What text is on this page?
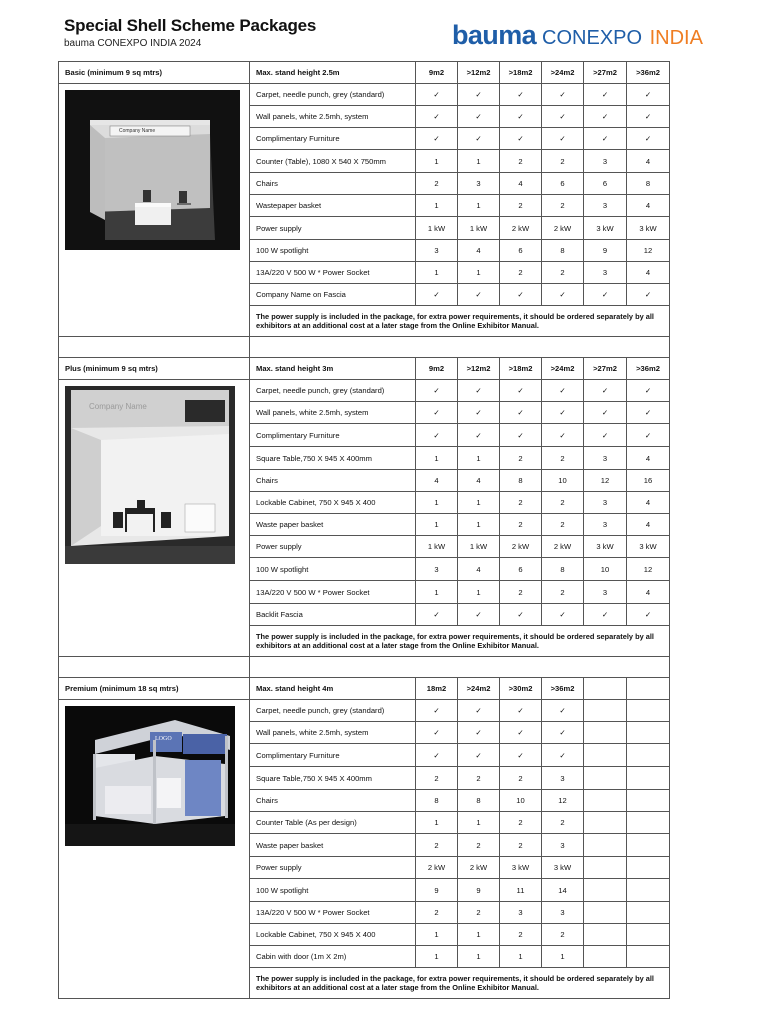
Special Shell Scheme Packages
bauma CONEXPO INDIA 2024	bauma CONEXPO INDIA
Basic (minimum 9 sq mtrs)	Max. stand height 2.5m	9m2	>12m2	>18m2	>24m2	>27m2	>36m2

Company Name	Carpet, needle punch, grey (standard)	✓	✓	✓	✓	✓	✓
	Wall panels, white 2.5mh, system	✓	✓	✓	✓	✓	✓
	Complimentary Furniture	✓	✓	✓	✓	✓	✓
	Counter (Table), 1080 X 540 X 750mm	1	1	2	2	3	4
	Chairs	2	3	4	6	6	8
	Wastepaper basket	1	1	2	2	3	4
	Power supply	1 kW	1 kW	2 kW	2 kW	3 kW	3 kW
	100 W spotlight	3	4	6	8	9	12
	13A/220 V 500 W * Power Socket	1	1	2	2	3	4
	Company Name on Fascia	✓	✓	✓	✓	✓	✓
	The power supply is included in the package, for extra power requirements, it should be ordered separately by all exhibitors at an additional cost at a later stage from the Online Exhibitor Manual.						

Plus (minimum 9 sq mtrs)	Max. stand height 3m	9m2	>12m2	>18m2	>24m2	>27m2	>36m2

Company Name	Carpet, needle punch, grey (standard)	✓	✓	✓	✓	✓	✓
	Wall panels, white 2.5mh, system	✓	✓	✓	✓	✓	✓
	Complimentary Furniture	✓	✓	✓	✓	✓	✓
	Square Table,750 X 945 X 400mm	1	1	2	2	3	4
	Chairs	4	4	8	10	12	16
	Lockable Cabinet, 750 X 945 X 400	1	1	2	2	3	4
	Waste paper basket	1	1	2	2	3	4
	Power supply	1 kW	1 kW	2 kW	2 kW	3 kW	3 kW
	100 W spotlight	3	4	6	8	10	12
	13A/220 V 500 W * Power Socket	1	1	2	2	3	4
	Backlit Fascia	✓	✓	✓	✓	✓	✓
	The power supply is included in the package, for extra power requirements, it should be ordered separately by all exhibitors at an additional cost at a later stage from the Online Exhibitor Manual.						

Premium (minimum 18 sq mtrs)	Max. stand height 4m	18m2	>24m2	>30m2	>36m2		

LOGO	Carpet, needle punch, grey (standard)	✓	✓	✓	✓		
	Wall panels, white 2.5mh, system	✓	✓	✓	✓		
	Complimentary Furniture	✓	✓	✓	✓		
	Square Table,750 X 945 X 400mm	2	2	2	3		
	Chairs	8	8	10	12		
	Counter Table (As per design)	1	1	2	2		
	Waste paper basket	2	2	2	3		
	Power supply	2 kW	2 kW	3 kW	3 kW		
	100 W spotlight	9	9	11	14		
	13A/220 V 500 W * Power Socket	2	2	3	3		
	Lockable Cabinet, 750 X 945 X 400	1	1	2	2		
	Cabin with door (1m X 2m)	1	1	1	1		
	The power supply is included in the package, for extra power requirements, it should be ordered separately by all exhibitors at an additional cost at a later stage from the Online Exhibitor Manual.						
